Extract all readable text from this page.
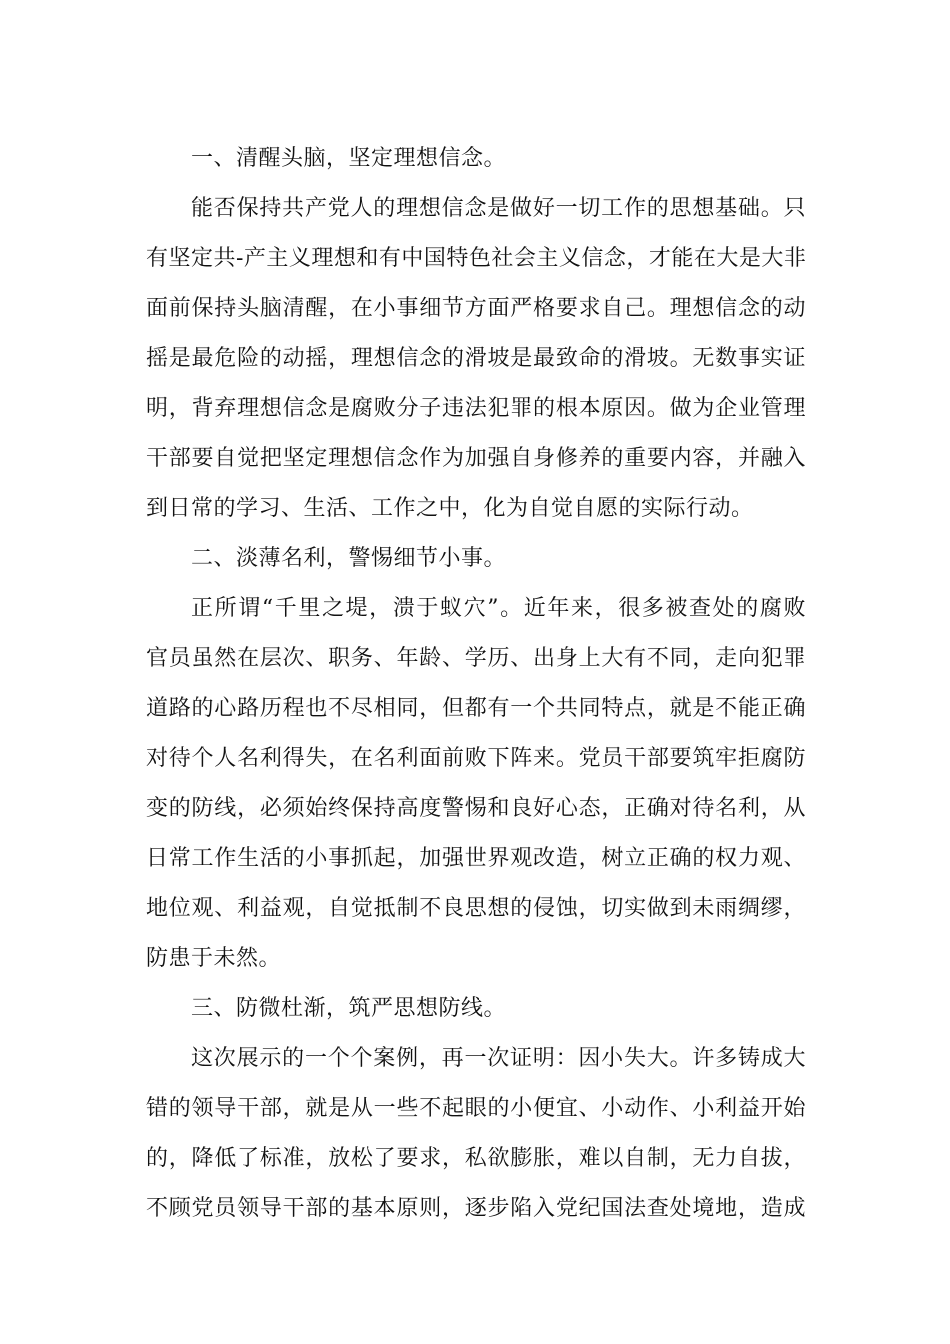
一、清醒头脑，坚定理想信念。
能否保持共产党人的理想信念是做好一切工作的思想基础。只
有坚定共-产主义理想和有中国特色社会主义信念，才能在大是大非
面前保持头脑清醒，在小事细节方面严格要求自己。理想信念的动
摇是最危险的动摇，理想信念的滑坡是最致命的滑坡。无数事实证
明，背弃理想信念是腐败分子违法犯罪的根本原因。做为企业管理
干部要自觉把坚定理想信念作为加强自身修养的重要内容，并融入
到日常的学习、生活、工作之中，化为自觉自愿的实际行动。
二、淡薄名利，警惕细节小事。
正所谓“千里之堤，溃于蚁穴”。近年来，很多被查处的腐败
官员虽然在层次、职务、年龄、学历、出身上大有不同，走向犯罪
道路的心路历程也不尽相同，但都有一个共同特点，就是不能正确
对待个人名利得失，在名利面前败下阵来。党员干部要筑牢拒腐防
变的防线，必须始终保持高度警惕和良好心态，正确对待名利，从
日常工作生活的小事抓起，加强世界观改造，树立正确的权力观、
地位观、利益观，自觉抵制不良思想的侵蚀，切实做到未雨绸缪，
防患于未然。
三、防微杜渐，筑严思想防线。
这次展示的一个个案例，再一次证明：因小失大。许多铸成大
错的领导干部，就是从一些不起眼的小便宜、小动作、小利益开始
的，降低了标准，放松了要求，私欲膨胀，难以自制，无力自拔，
不顾党员领导干部的基本原则，逐步陷入党纪国法查处境地，造成
